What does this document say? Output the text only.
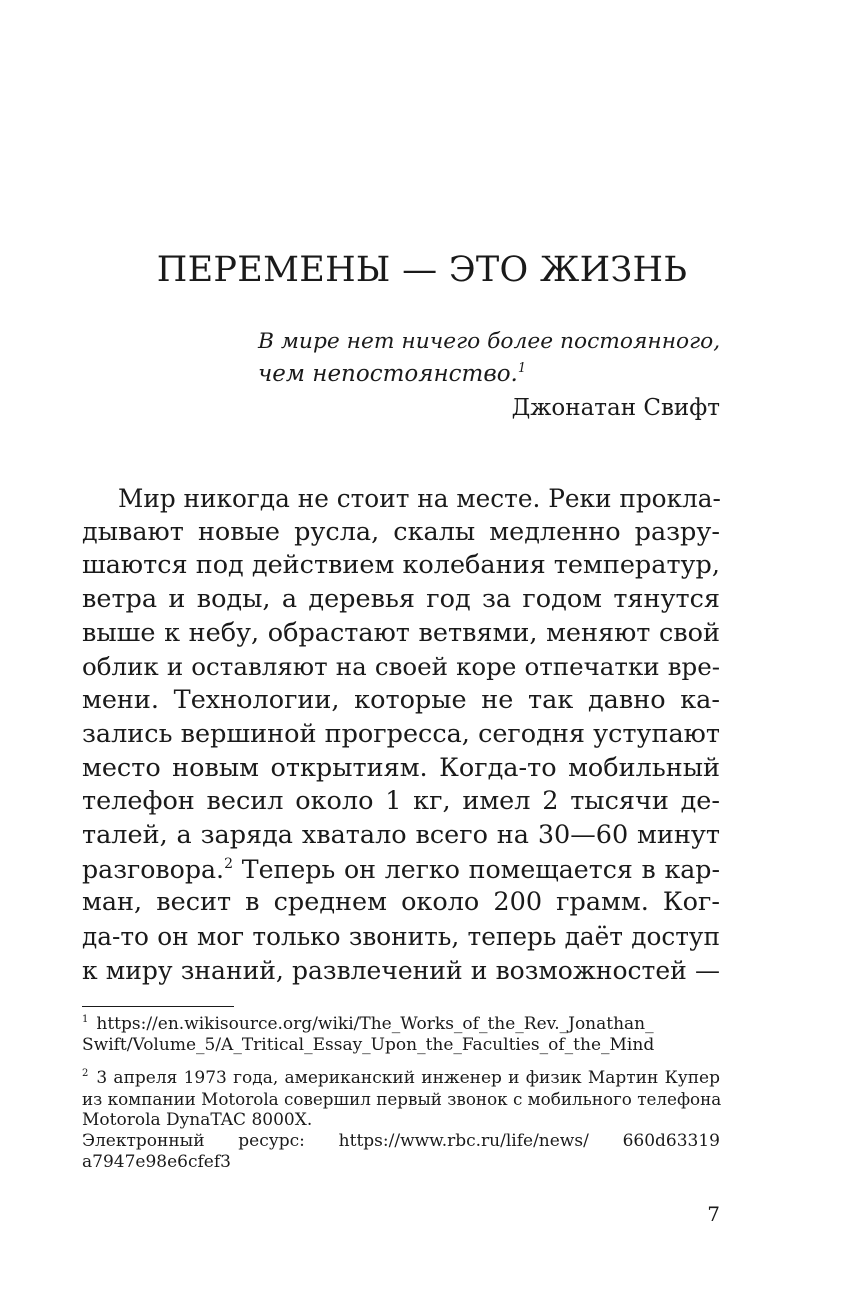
ПЕРЕМЕНЫ — ЭТО ЖИЗНЬ
В мире нет ничего более постоянного,
чем непостоянство.$^1$
Джонатан Свифт
Мир никогда не стоит на месте. Реки прокла-
дывают новые русла, скалы медленно разру-
шаются под действием колебания температур,
ветра и воды, а деревья год за годом тянутся
выше к небу, обрастают ветвями, меняют свой
облик и оставляют на своей коре отпечатки вре-
мени. Технологии, которые не так давно ка-
зались вершиной прогресса, сегодня уступают
место новым открытиям. Когда-то мобильный
телефон весил около 1 кг, имел 2 тысячи де-
талей, а заряда хватало всего на 30—60 минут
разговора.$^2$ Теперь он легко помещается в кар-
ман, весит в среднем около 200 грамм. Ког-
да-то он мог только звонить, теперь даёт доступ
к миру знаний, развлечений и возможностей —
$^1$ https://en.wikisource.org/wiki/The_Works_of_the_Rev._Jonathan_
Swift/Volume_5/A_Tritical_Essay_Upon_the_Faculties_of_the_Mind
$^2$ 3 апреля 1973 года, американский инженер и физик Мартин Купер
из компании Motorola совершил первый звонок с мобильного телефона
Motorola DynaTAC 8000X.
Электронный ресурс: https://www.rbc.ru/life/news/ 660d63319
a7947e98e6cfef3
7
